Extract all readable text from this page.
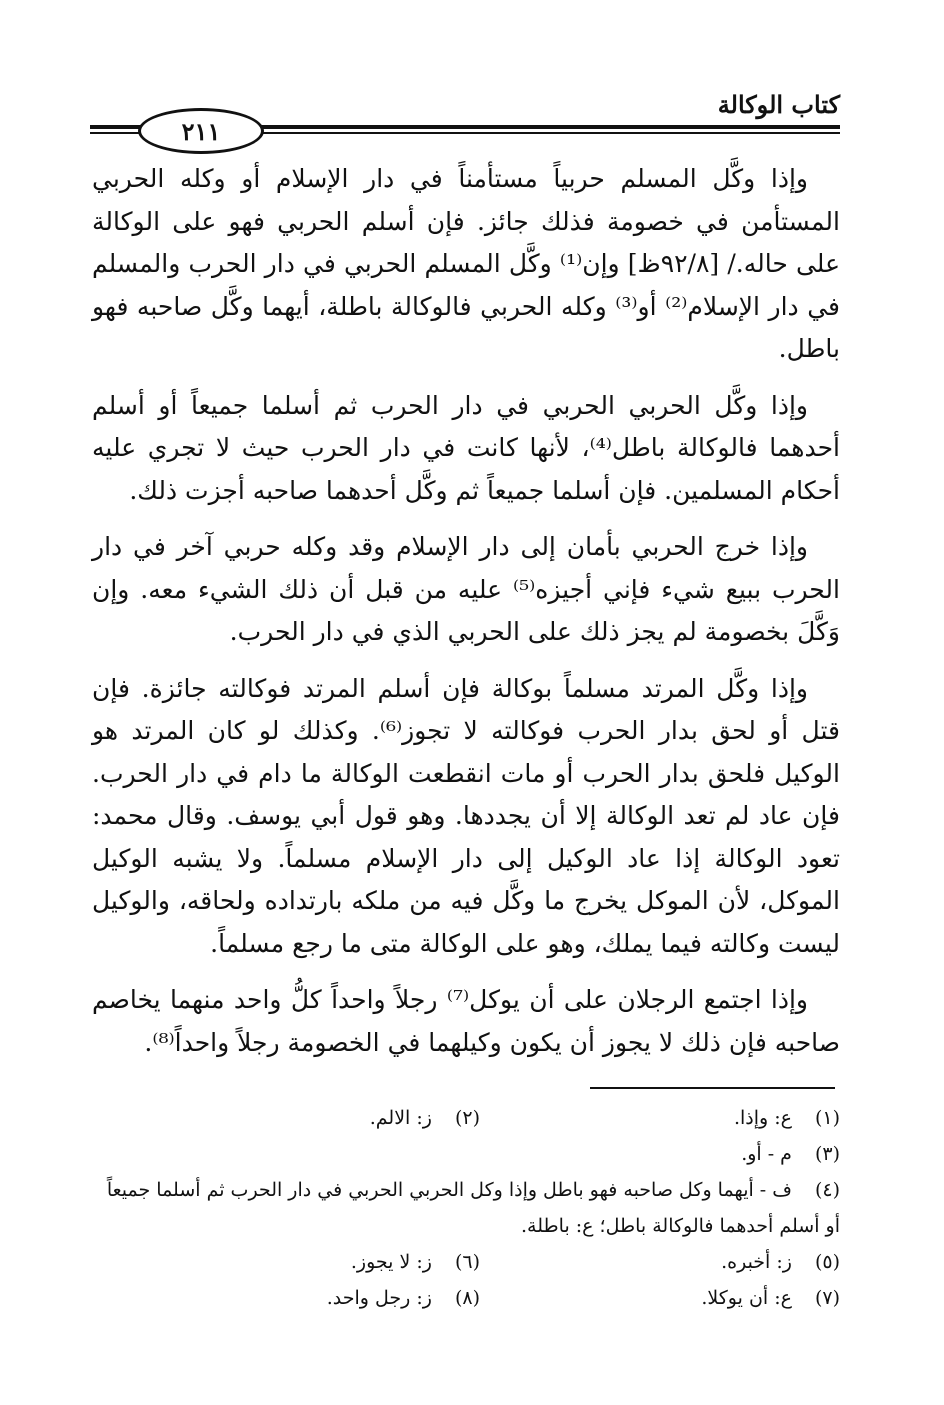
كتاب الوكالة
٢١١

وإذا وكَّل المسلم حربياً مستأمناً في دار الإسلام أو وكله الحربي المستأمن في خصومة فذلك جائز. فإن أسلم الحربي فهو على الوكالة على حاله./ [٩٢/٨ظ] وإن⁽¹⁾ وكَّل المسلم الحربي في دار الحرب والمسلم في دار الإسلام⁽²⁾ أو⁽³⁾ وكله الحربي فالوكالة باطلة، أيهما وكَّل صاحبه فهو باطل.

وإذا وكَّل الحربي الحربي في دار الحرب ثم أسلما جميعاً أو أسلم أحدهما فالوكالة باطل⁽⁴⁾، لأنها كانت في دار الحرب حيث لا تجري عليه أحكام المسلمين. فإن أسلما جميعاً ثم وكَّل أحدهما صاحبه أجزت ذلك.

وإذا خرج الحربي بأمان إلى دار الإسلام وقد وكله حربي آخر في دار الحرب ببيع شيء فإني أجيزه⁽⁵⁾ عليه من قبل أن ذلك الشيء معه. وإن وَكَّلَ بخصومة لم يجز ذلك على الحربي الذي في دار الحرب.

وإذا وكَّل المرتد مسلماً بوكالة فإن أسلم المرتد فوكالته جائزة. فإن قتل أو لحق بدار الحرب فوكالته لا تجوز⁽⁶⁾. وكذلك لو كان المرتد هو الوكيل فلحق بدار الحرب أو مات انقطعت الوكالة ما دام في دار الحرب. فإن عاد لم تعد الوكالة إلا أن يجددها. وهو قول أبي يوسف. وقال محمد: تعود الوكالة إذا عاد الوكيل إلى دار الإسلام مسلماً. ولا يشبه الوكيل الموكل، لأن الموكل يخرج ما وكَّل فيه من ملكه بارتداده ولحاقه، والوكيل ليست وكالته فيما يملك، وهو على الوكالة متى ما رجع مسلماً.

وإذا اجتمع الرجلان على أن يوكل⁽⁷⁾ رجلاً واحداً كلُّ واحد منهما يخاصم صاحبه فإن ذلك لا يجوز أن يكون وكيلهما في الخصومة رجلاً واحداً⁽⁸⁾.

(١) ع: وإذا.
(٢) ز: الالم.
(٣) م - أو.
(٤) ف - أيهما وكل صاحبه فهو باطل وإذا وكل الحربي الحربي في دار الحرب ثم أسلما جميعاً أو أسلم أحدهما فالوكالة باطل؛ ع: باطلة.
(٥) ز: أخبره.
(٦) ز: لا يجوز.
(٧) ع: أن يوكلا.
(٨) ز: رجل واحد.
